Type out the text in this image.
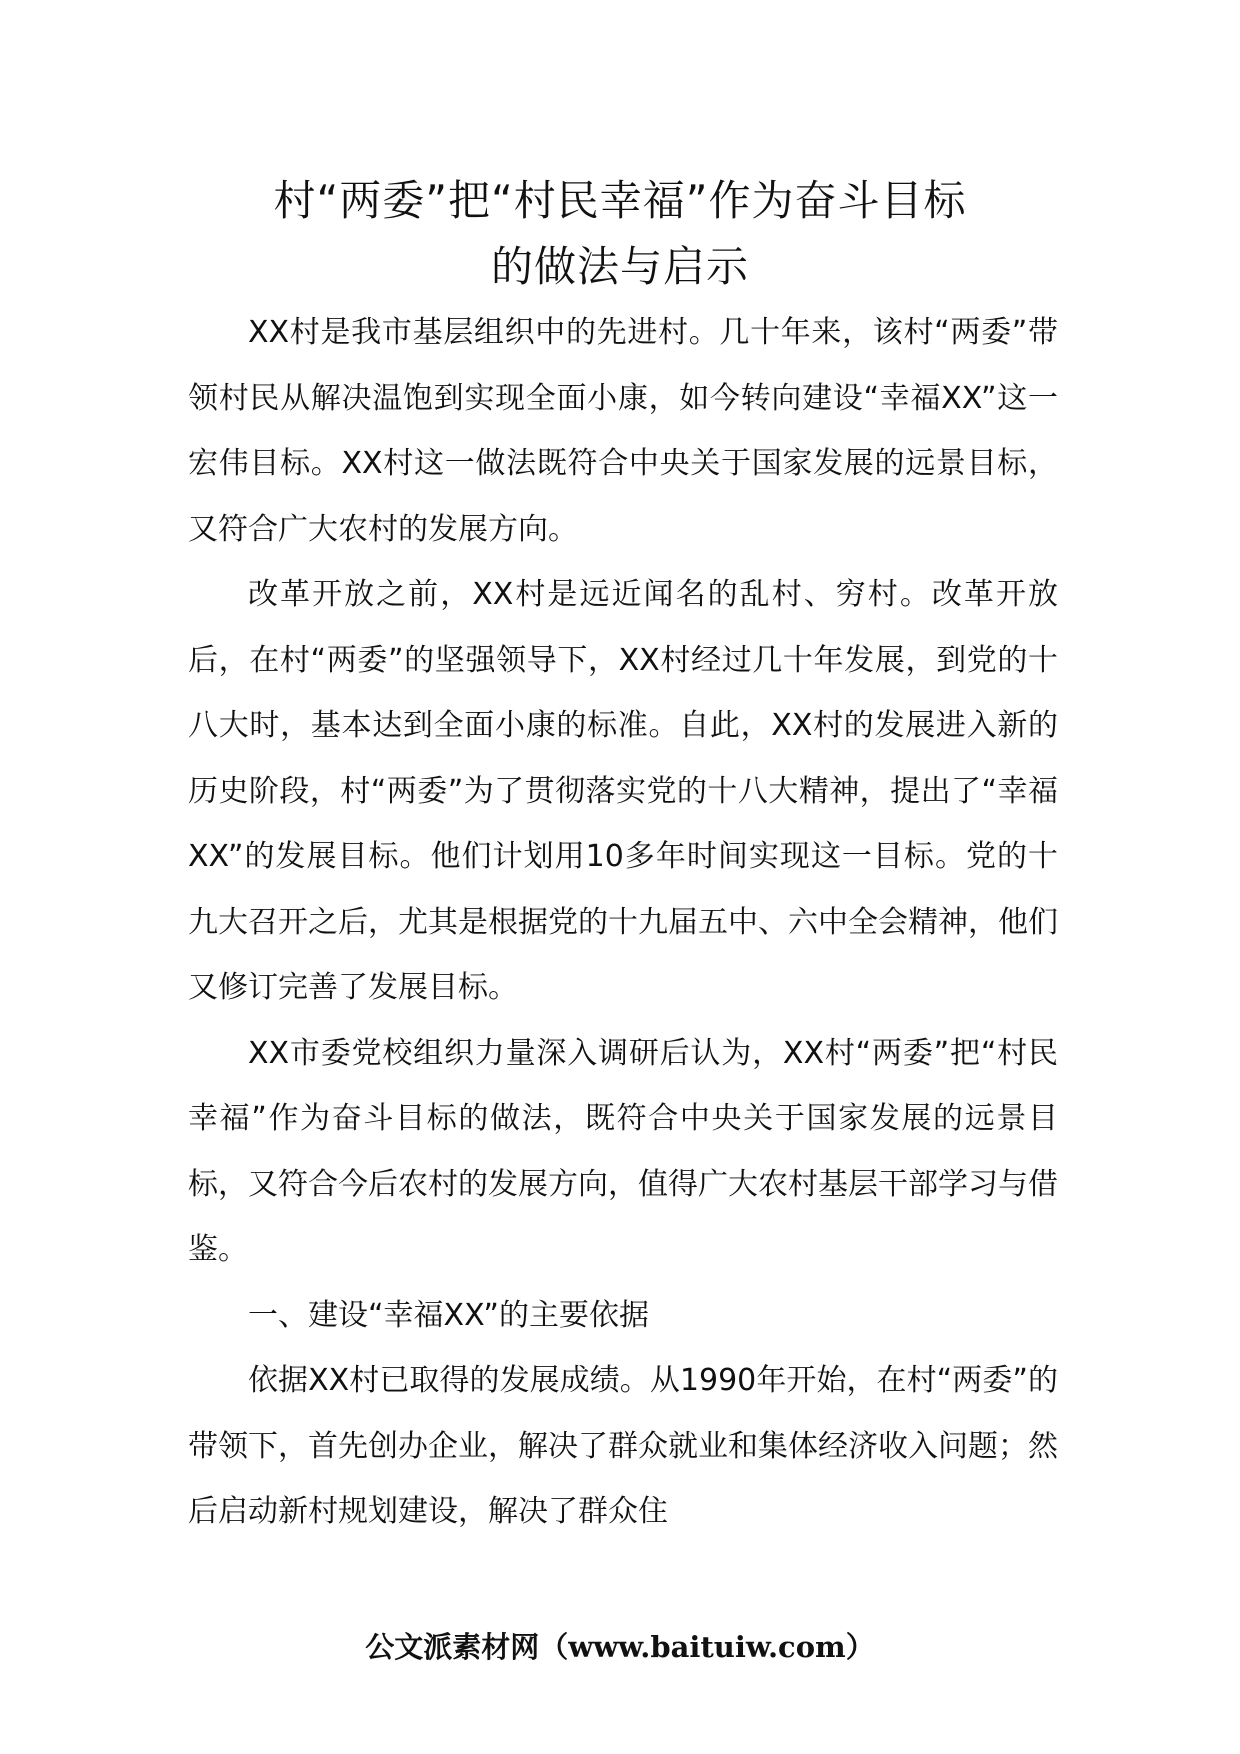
村“两委”把“村民幸福”作为奋斗目标
的做法与启示

XX村是我市基层组织中的先进村。几十年来，该村“两委”带领村民从解决温饱到实现全面小康，如今转向建设“幸福XX”这一宏伟目标。XX村这一做法既符合中央关于国家发展的远景目标，又符合广大农村的发展方向。

改革开放之前，XX村是远近闻名的乱村、穷村。改革开放后，在村“两委”的坚强领导下，XX村经过几十年发展，到党的十八大时，基本达到全面小康的标准。自此，XX村的发展进入新的历史阶段，村“两委”为了贯彻落实党的十八大精神，提出了“幸福XX”的发展目标。他们计划用10多年时间实现这一目标。党的十九大召开之后，尤其是根据党的十九届五中、六中全会精神，他们又修订完善了发展目标。

XX市委党校组织力量深入调研后认为，XX村“两委”把“村民幸福”作为奋斗目标的做法，既符合中央关于国家发展的远景目标，又符合今后农村的发展方向，值得广大农村基层干部学习与借鉴。

一、建设“幸福XX”的主要依据

依据XX村已取得的发展成绩。从1990年开始，在村“两委”的带领下，首先创办企业，解决了群众就业和集体经济收入问题；然后启动新村规划建设，解决了群众住

公文派素材网（www.baituiw.com）
